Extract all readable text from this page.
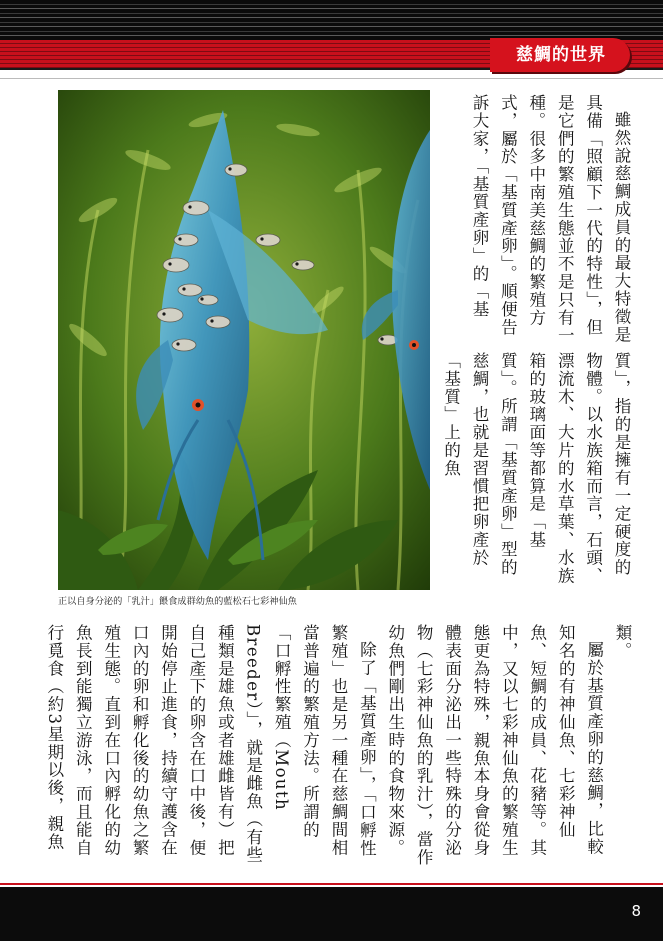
慈鯛的世界
正以自身分泌的「乳汁」餵食成群幼魚的藍松石七彩神仙魚

雖然說慈鯛成員的最大特徵是具備「照顧下一代的特性」，但是它們的繁殖生態並不是只有一種。很多中南美慈鯛的繁殖方式，屬於「基質產卵」。順便告訴大家，「基質產卵」的「基

質」，指的是擁有一定硬度的物體。以水族箱而言，石頭、漂流木、大片的水草葉、水族箱的玻璃面等都算是「基質」。所謂「基質產卵」型的慈鯛，也就是習慣把卵產於「基質」上的魚

類。

屬於基質產卵的慈鯛，比較知名的有神仙魚、七彩神仙魚、短鯛的成員、花豬等。其中，又以七彩神仙魚的繁殖生態更為特殊，親魚本身會從身體表面分泌出一些特殊的分泌物（七彩神仙魚的乳汁），當作幼魚們剛出生時的食物來源。

除了「基質產卵」，「口孵性繁殖」也是另一種在慈鯛間相當普遍的繁殖方法。所謂的「口孵性繁殖（Mouth Breeder）」，就是雌魚（有些種類是雄魚或者雄雌皆有）把自己產下的卵含在口中後，便開始停止進食，持續守護含在口內的卵和孵化後的幼魚之繁殖生態。直到在口內孵化的幼魚長到能獨立游泳，而且能自行覓食（約3星期以後，親魚

8
